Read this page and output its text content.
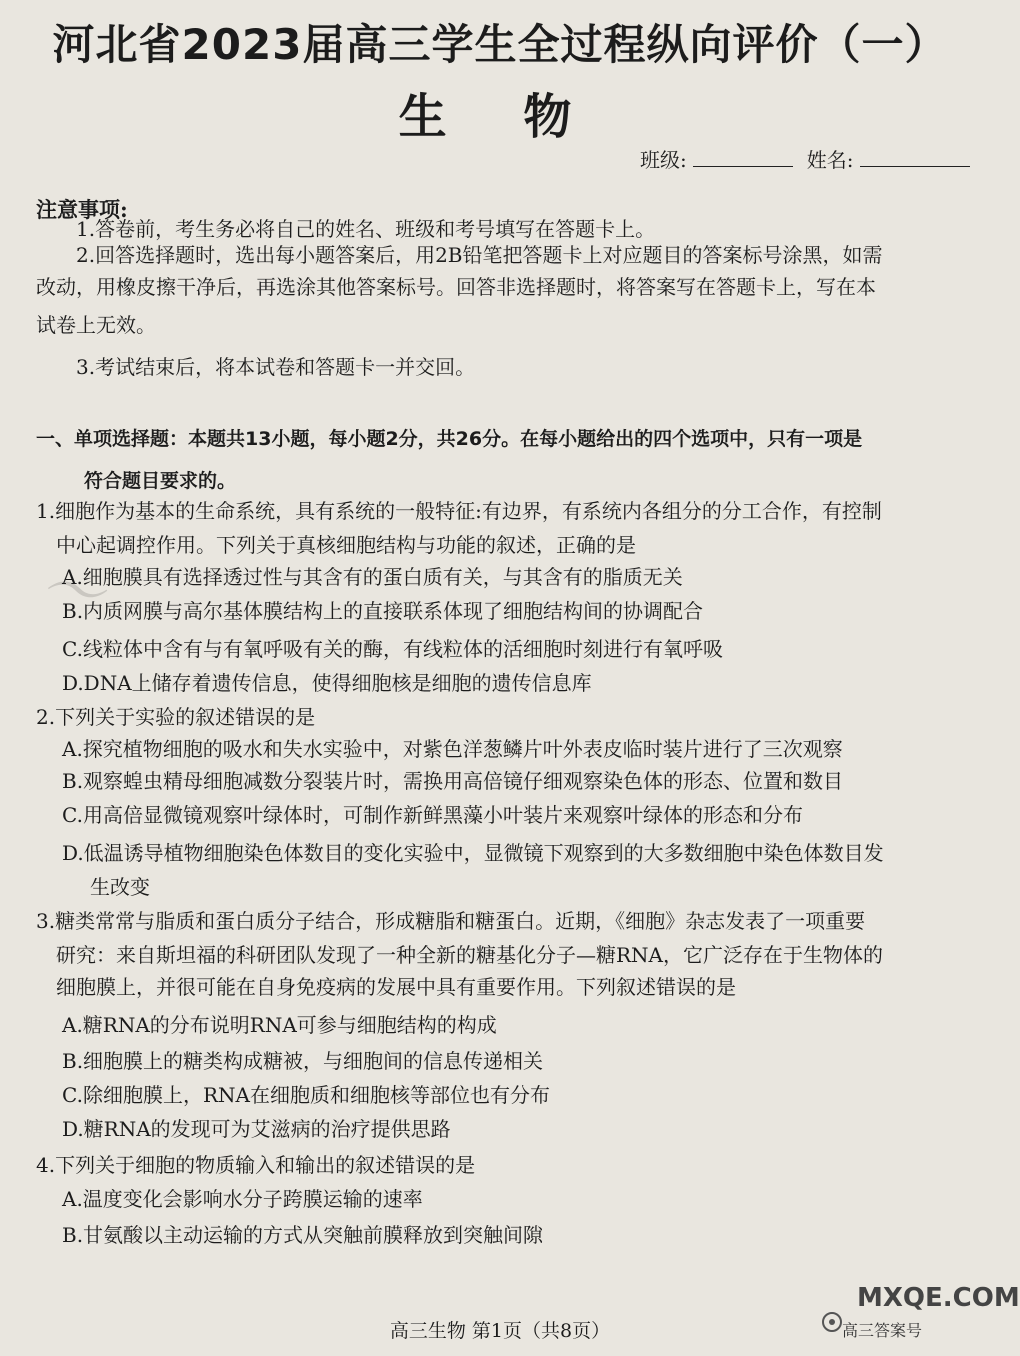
～
河北省2023届高三学生全过程纵向评价（一）
生 物
班级:	姓名:
注意事项:
1.答卷前，考生务必将自己的姓名、班级和考号填写在答题卡上。
2.回答选择题时，选出每小题答案后，用2B铅笔把答题卡上对应题目的答案标号涂黑，如需
改动，用橡皮擦干净后，再选涂其他答案标号。回答非选择题时，将答案写在答题卡上，写在本
试卷上无效。
3.考试结束后，将本试卷和答题卡一并交回。
一、单项选择题：本题共13小题，每小题2分，共26分。在每小题给出的四个选项中，只有一项是
符合题目要求的。
1.细胞作为基本的生命系统，具有系统的一般特征:有边界，有系统内各组分的分工合作，有控制
中心起调控作用。下列关于真核细胞结构与功能的叙述，正确的是
A.细胞膜具有选择透过性与其含有的蛋白质有关，与其含有的脂质无关
B.内质网膜与高尔基体膜结构上的直接联系体现了细胞结构间的协调配合
C.线粒体中含有与有氧呼吸有关的酶，有线粒体的活细胞时刻进行有氧呼吸
D.DNA上储存着遗传信息，使得细胞核是细胞的遗传信息库
2.下列关于实验的叙述错误的是
A.探究植物细胞的吸水和失水实验中，对紫色洋葱鳞片叶外表皮临时装片进行了三次观察
B.观察蝗虫精母细胞减数分裂装片时，需换用高倍镜仔细观察染色体的形态、位置和数目
C.用高倍显微镜观察叶绿体时，可制作新鲜黑藻小叶装片来观察叶绿体的形态和分布
D.低温诱导植物细胞染色体数目的变化实验中，显微镜下观察到的大多数细胞中染色体数目发
生改变
3.糖类常常与脂质和蛋白质分子结合，形成糖脂和糖蛋白。近期，《细胞》杂志发表了一项重要
研究：来自斯坦福的科研团队发现了一种全新的糖基化分子—糖RNA，它广泛存在于生物体的
细胞膜上，并很可能在自身免疫病的发展中具有重要作用。下列叙述错误的是
A.糖RNA的分布说明RNA可参与细胞结构的构成
B.细胞膜上的糖类构成糖被，与细胞间的信息传递相关
C.除细胞膜上，RNA在细胞质和细胞核等部位也有分布
D.糖RNA的发现可为艾滋病的治疗提供思路
4.下列关于细胞的物质输入和输出的叙述错误的是
A.温度变化会影响水分子跨膜运输的速率
B.甘氨酸以主动运输的方式从突触前膜释放到突触间隙
高三生物 第1页（共8页）
MXQE.COM
高三答案号
